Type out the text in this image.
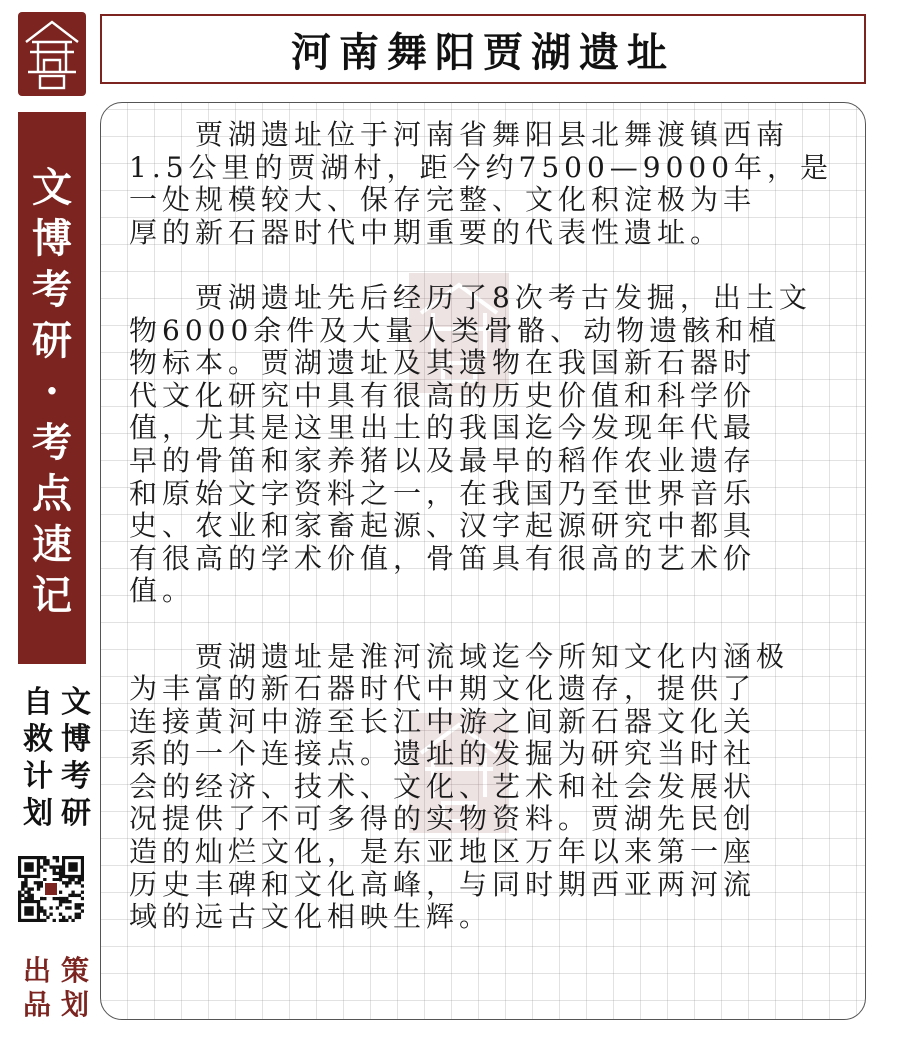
河南舞阳贾湖遗址
文
博
考
研
·
考
点
速
记
文
博
考
研
自
救
计
划
策
划
出
品

　　贾湖遗址位于河南省舞阳县北舞渡镇西南

1.5公里的贾湖村，距今约7500—9000年，是

一处规模较大、保存完整、文化积淀极为丰

厚的新石器时代中期重要的代表性遗址。

　　贾湖遗址先后经历了8次考古发掘，出土文

物6000余件及大量人类骨骼、动物遗骸和植

物标本。贾湖遗址及其遗物在我国新石器时

代文化研究中具有很高的历史价值和科学价

值，尤其是这里出土的我国迄今发现年代最

早的骨笛和家养猪以及最早的稻作农业遗存

和原始文字资料之一，在我国乃至世界音乐

史、农业和家畜起源、汉字起源研究中都具

有很高的学术价值，骨笛具有很高的艺术价

值。

　　贾湖遗址是淮河流域迄今所知文化内涵极

为丰富的新石器时代中期文化遗存，提供了

连接黄河中游至长江中游之间新石器文化关

系的一个连接点。遗址的发掘为研究当时社

会的经济、技术、文化、艺术和社会发展状

况提供了不可多得的实物资料。贾湖先民创

造的灿烂文化，是东亚地区万年以来第一座

历史丰碑和文化高峰，与同时期西亚两河流

域的远古文化相映生辉。
